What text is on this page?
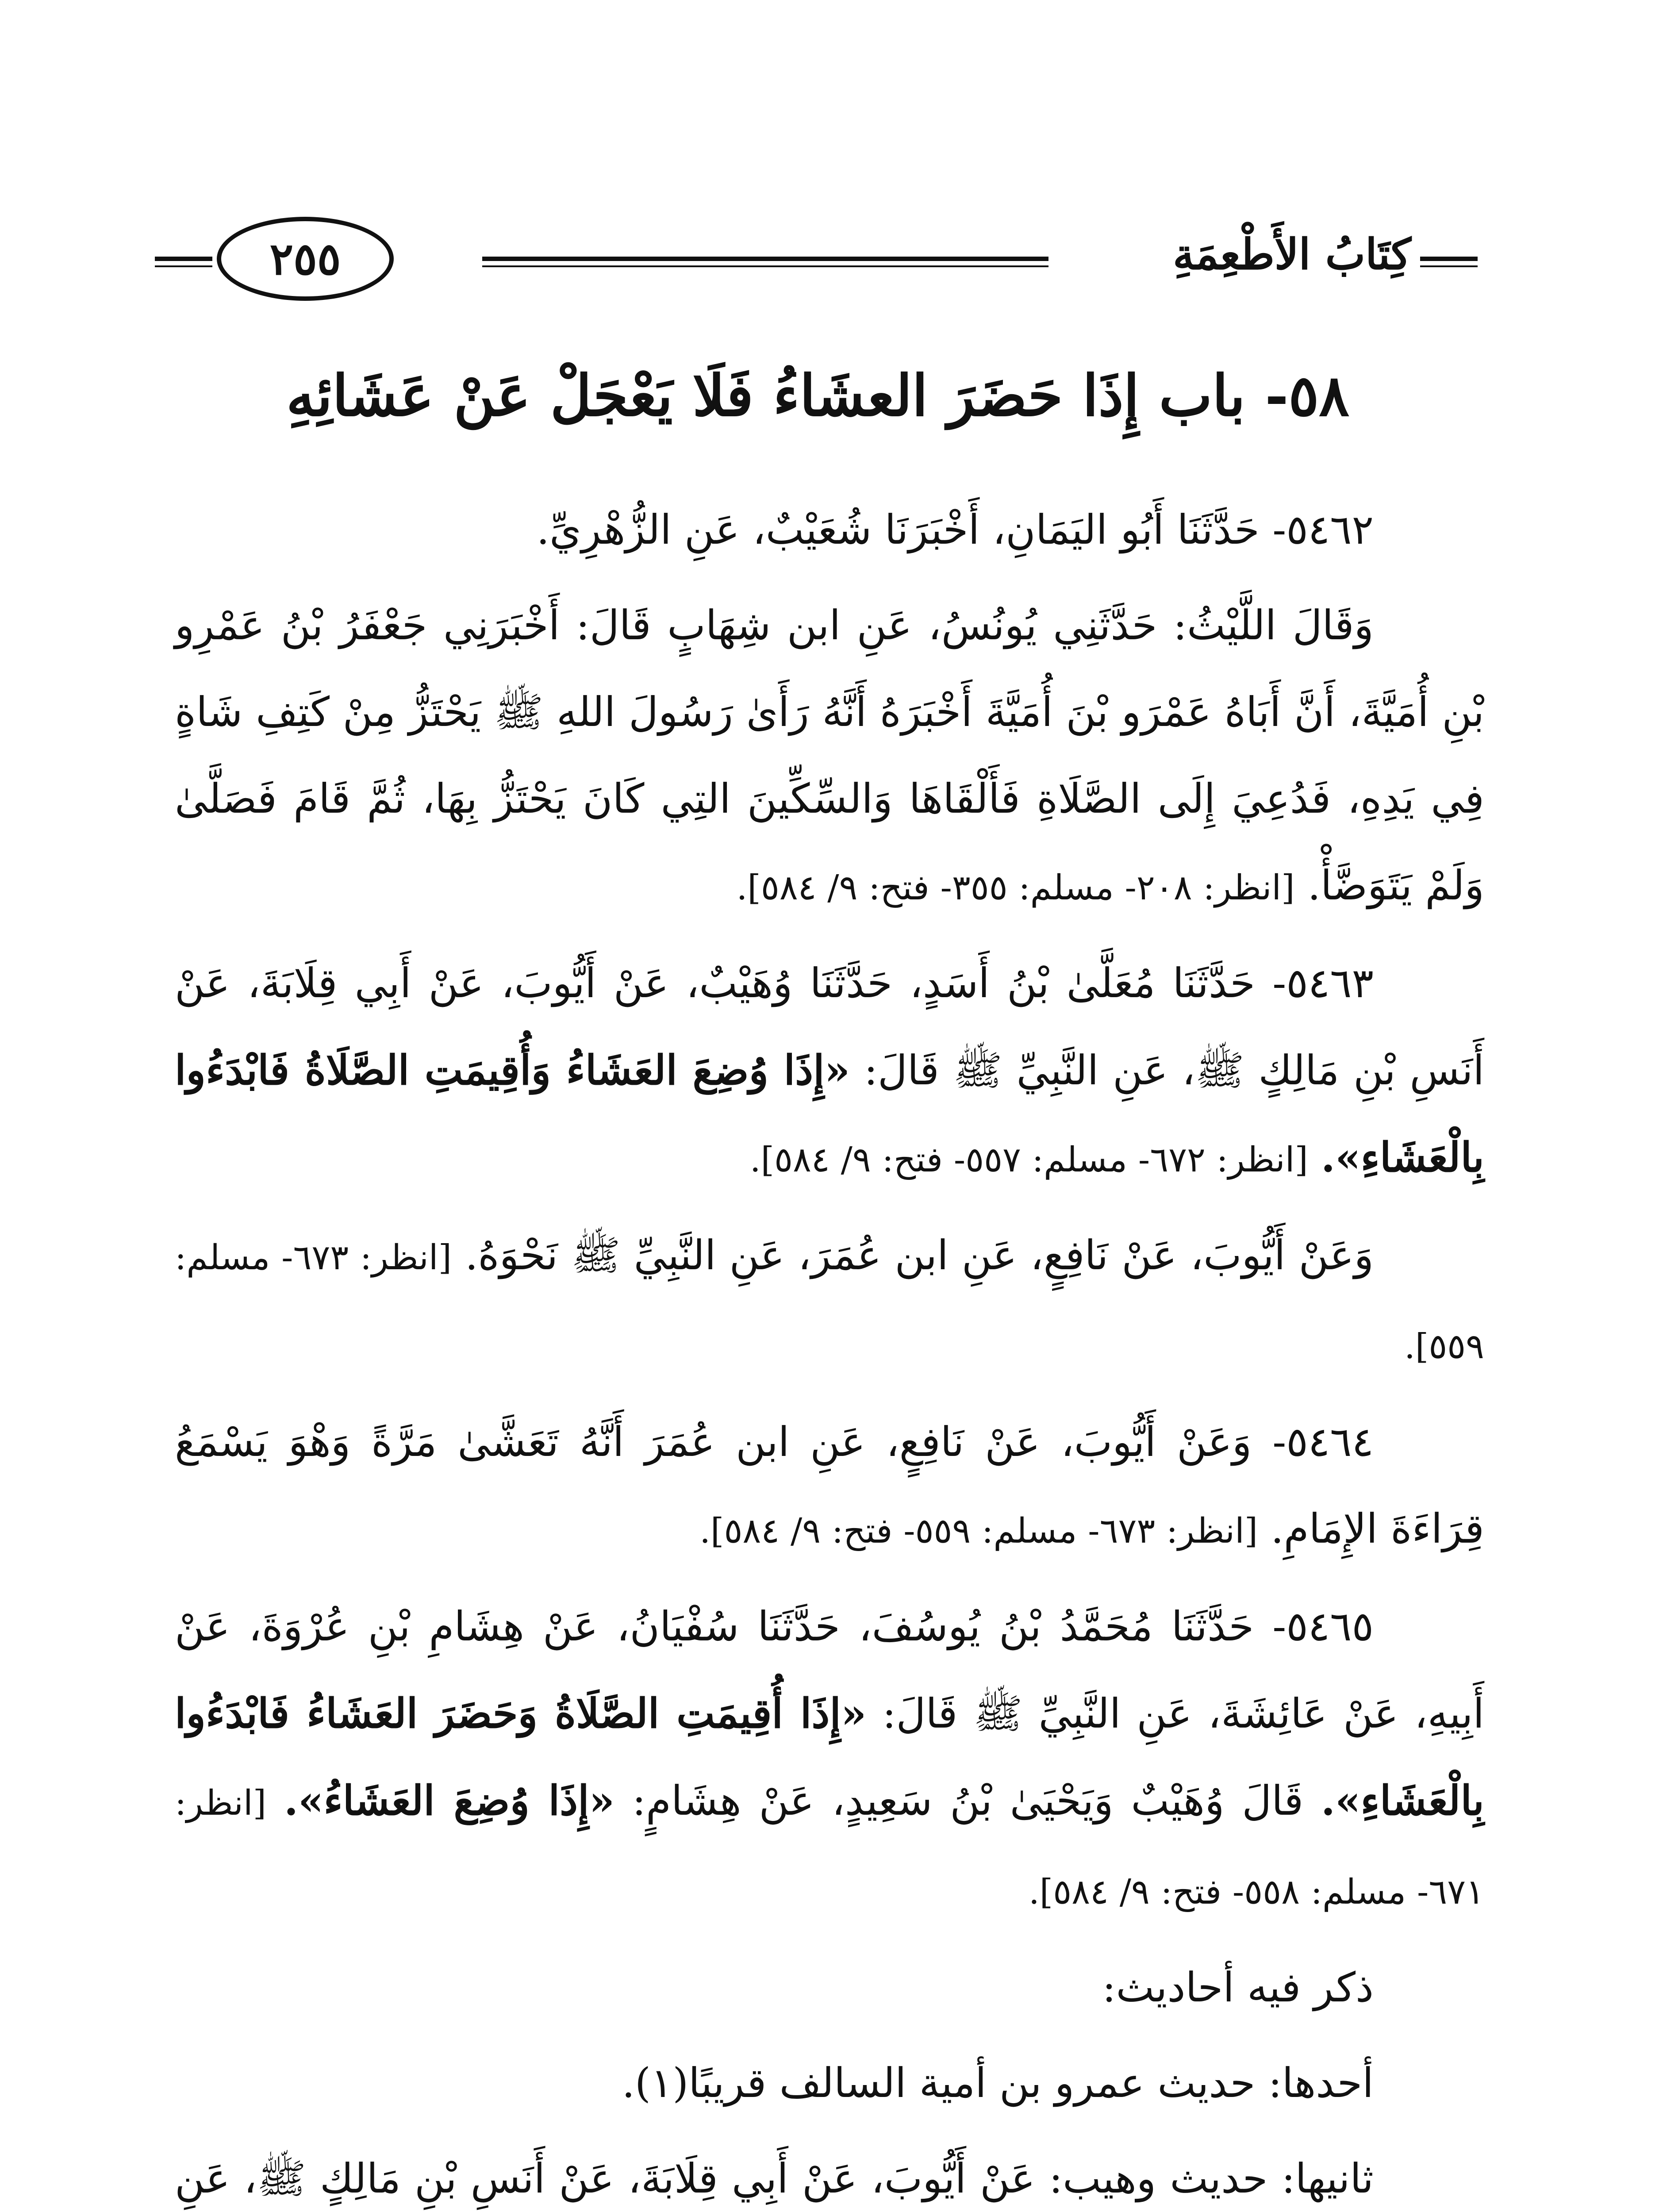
كِتَابُ الأَطْعِمَةِ
٢٥٥
٥٨- باب إِذَا حَضَرَ العشَاءُ فَلَا يَعْجَلْ عَنْ عَشَائِهِ

٥٤٦٢- حَدَّثَنَا أَبُو اليَمَانِ، أَخْبَرَنَا شُعَيْبٌ، عَنِ الزُّهْرِيِّ.

وَقَالَ اللَّيْثُ: حَدَّثَنِي يُونُسُ، عَنِ ابن شِهَابٍ قَالَ: أَخْبَرَنِي جَعْفَرُ بْنُ عَمْرِو بْنِ أُمَيَّةَ، أَنَّ أَبَاهُ عَمْرَو بْنَ أُمَيَّةَ أَخْبَرَهُ أَنَّهُ رَأَىٰ رَسُولَ اللهِ ﷺ يَحْتَزُّ مِنْ كَتِفِ شَاةٍ فِي يَدِهِ، فَدُعِيَ إِلَى الصَّلَاةِ فَأَلْقَاهَا وَالسِّكِّينَ التِي كَانَ يَحْتَزُّ بِهَا، ثُمَّ قَامَ فَصَلَّىٰ وَلَمْ يَتَوَضَّأْ. [انظر: ٢٠٨- مسلم: ٣٥٥- فتح: ٩/ ٥٨٤].

٥٤٦٣- حَدَّثَنَا مُعَلَّىٰ بْنُ أَسَدٍ، حَدَّثَنَا وُهَيْبٌ، عَنْ أَيُّوبَ، عَنْ أَبِي قِلَابَةَ، عَنْ أَنَسِ بْنِ مَالِكٍ ﷺ، عَنِ النَّبِيِّ ﷺ قَالَ: «إِذَا وُضِعَ العَشَاءُ وَأُقِيمَتِ الصَّلَاةُ فَابْدَءُوا بِالْعَشَاءِ». [انظر: ٦٧٢- مسلم: ٥٥٧- فتح: ٩/ ٥٨٤].

وَعَنْ أَيُّوبَ، عَنْ نَافِعٍ، عَنِ ابن عُمَرَ، عَنِ النَّبِيِّ ﷺ نَحْوَهُ. [انظر: ٦٧٣- مسلم: ٥٥٩].

٥٤٦٤- وَعَنْ أَيُّوبَ، عَنْ نَافِعٍ، عَنِ ابن عُمَرَ أَنَّهُ تَعَشَّىٰ مَرَّةً وَهْوَ يَسْمَعُ قِرَاءَةَ الإِمَامِ. [انظر: ٦٧٣- مسلم: ٥٥٩- فتح: ٩/ ٥٨٤].

٥٤٦٥- حَدَّثَنَا مُحَمَّدُ بْنُ يُوسُفَ، حَدَّثَنَا سُفْيَانُ، عَنْ هِشَامِ بْنِ عُرْوَةَ، عَنْ أَبِيهِ، عَنْ عَائِشَةَ، عَنِ النَّبِيِّ ﷺ قَالَ: «إِذَا أُقِيمَتِ الصَّلَاةُ وَحَضَرَ العَشَاءُ فَابْدَءُوا بِالْعَشَاءِ». قَالَ وُهَيْبٌ وَيَحْيَىٰ بْنُ سَعِيدٍ، عَنْ هِشَامٍ: «إِذَا وُضِعَ العَشَاءُ». [انظر: ٦٧١- مسلم: ٥٥٨- فتح: ٩/ ٥٨٤].

ذكر فيه أحاديث:

أحدها: حديث عمرو بن أمية السالف قريبًا(١).

ثانيها: حديث وهيب: عَنْ أَيُّوبَ، عَنْ أَبِي قِلَابَةَ، عَنْ أَنَسِ بْنِ مَالِكٍ ﷺ، عَنِ
